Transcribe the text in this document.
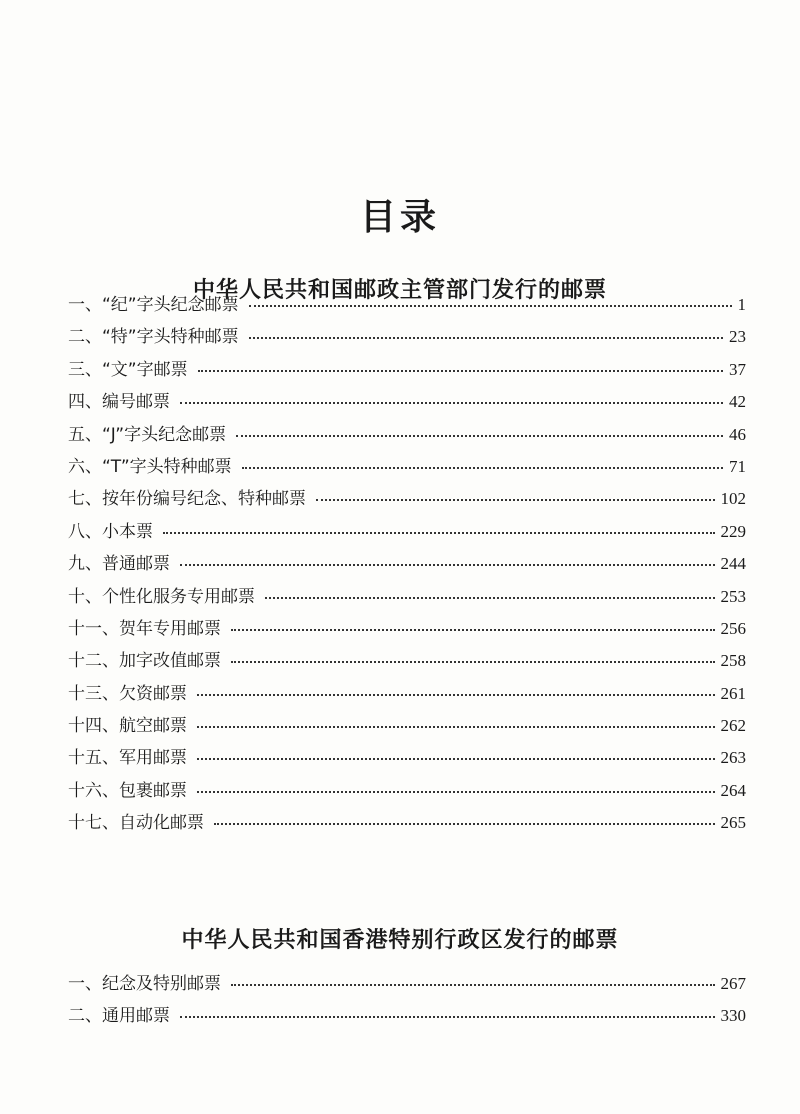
目录
中华人民共和国邮政主管部门发行的邮票
一、“纪”字头纪念邮票	1
二、“特”字头特种邮票	23
三、“文”字邮票	37
四、编号邮票	42
五、“J”字头纪念邮票	46
六、“T”字头特种邮票	71
七、按年份编号纪念、特种邮票	102
八、小本票	229
九、普通邮票	244
十、个性化服务专用邮票	253
十一、贺年专用邮票	256
十二、加字改值邮票	258
十三、欠资邮票	261
十四、航空邮票	262
十五、军用邮票	263
十六、包裹邮票	264
十七、自动化邮票	265
中华人民共和国香港特别行政区发行的邮票
一、纪念及特别邮票	267
二、通用邮票	330
